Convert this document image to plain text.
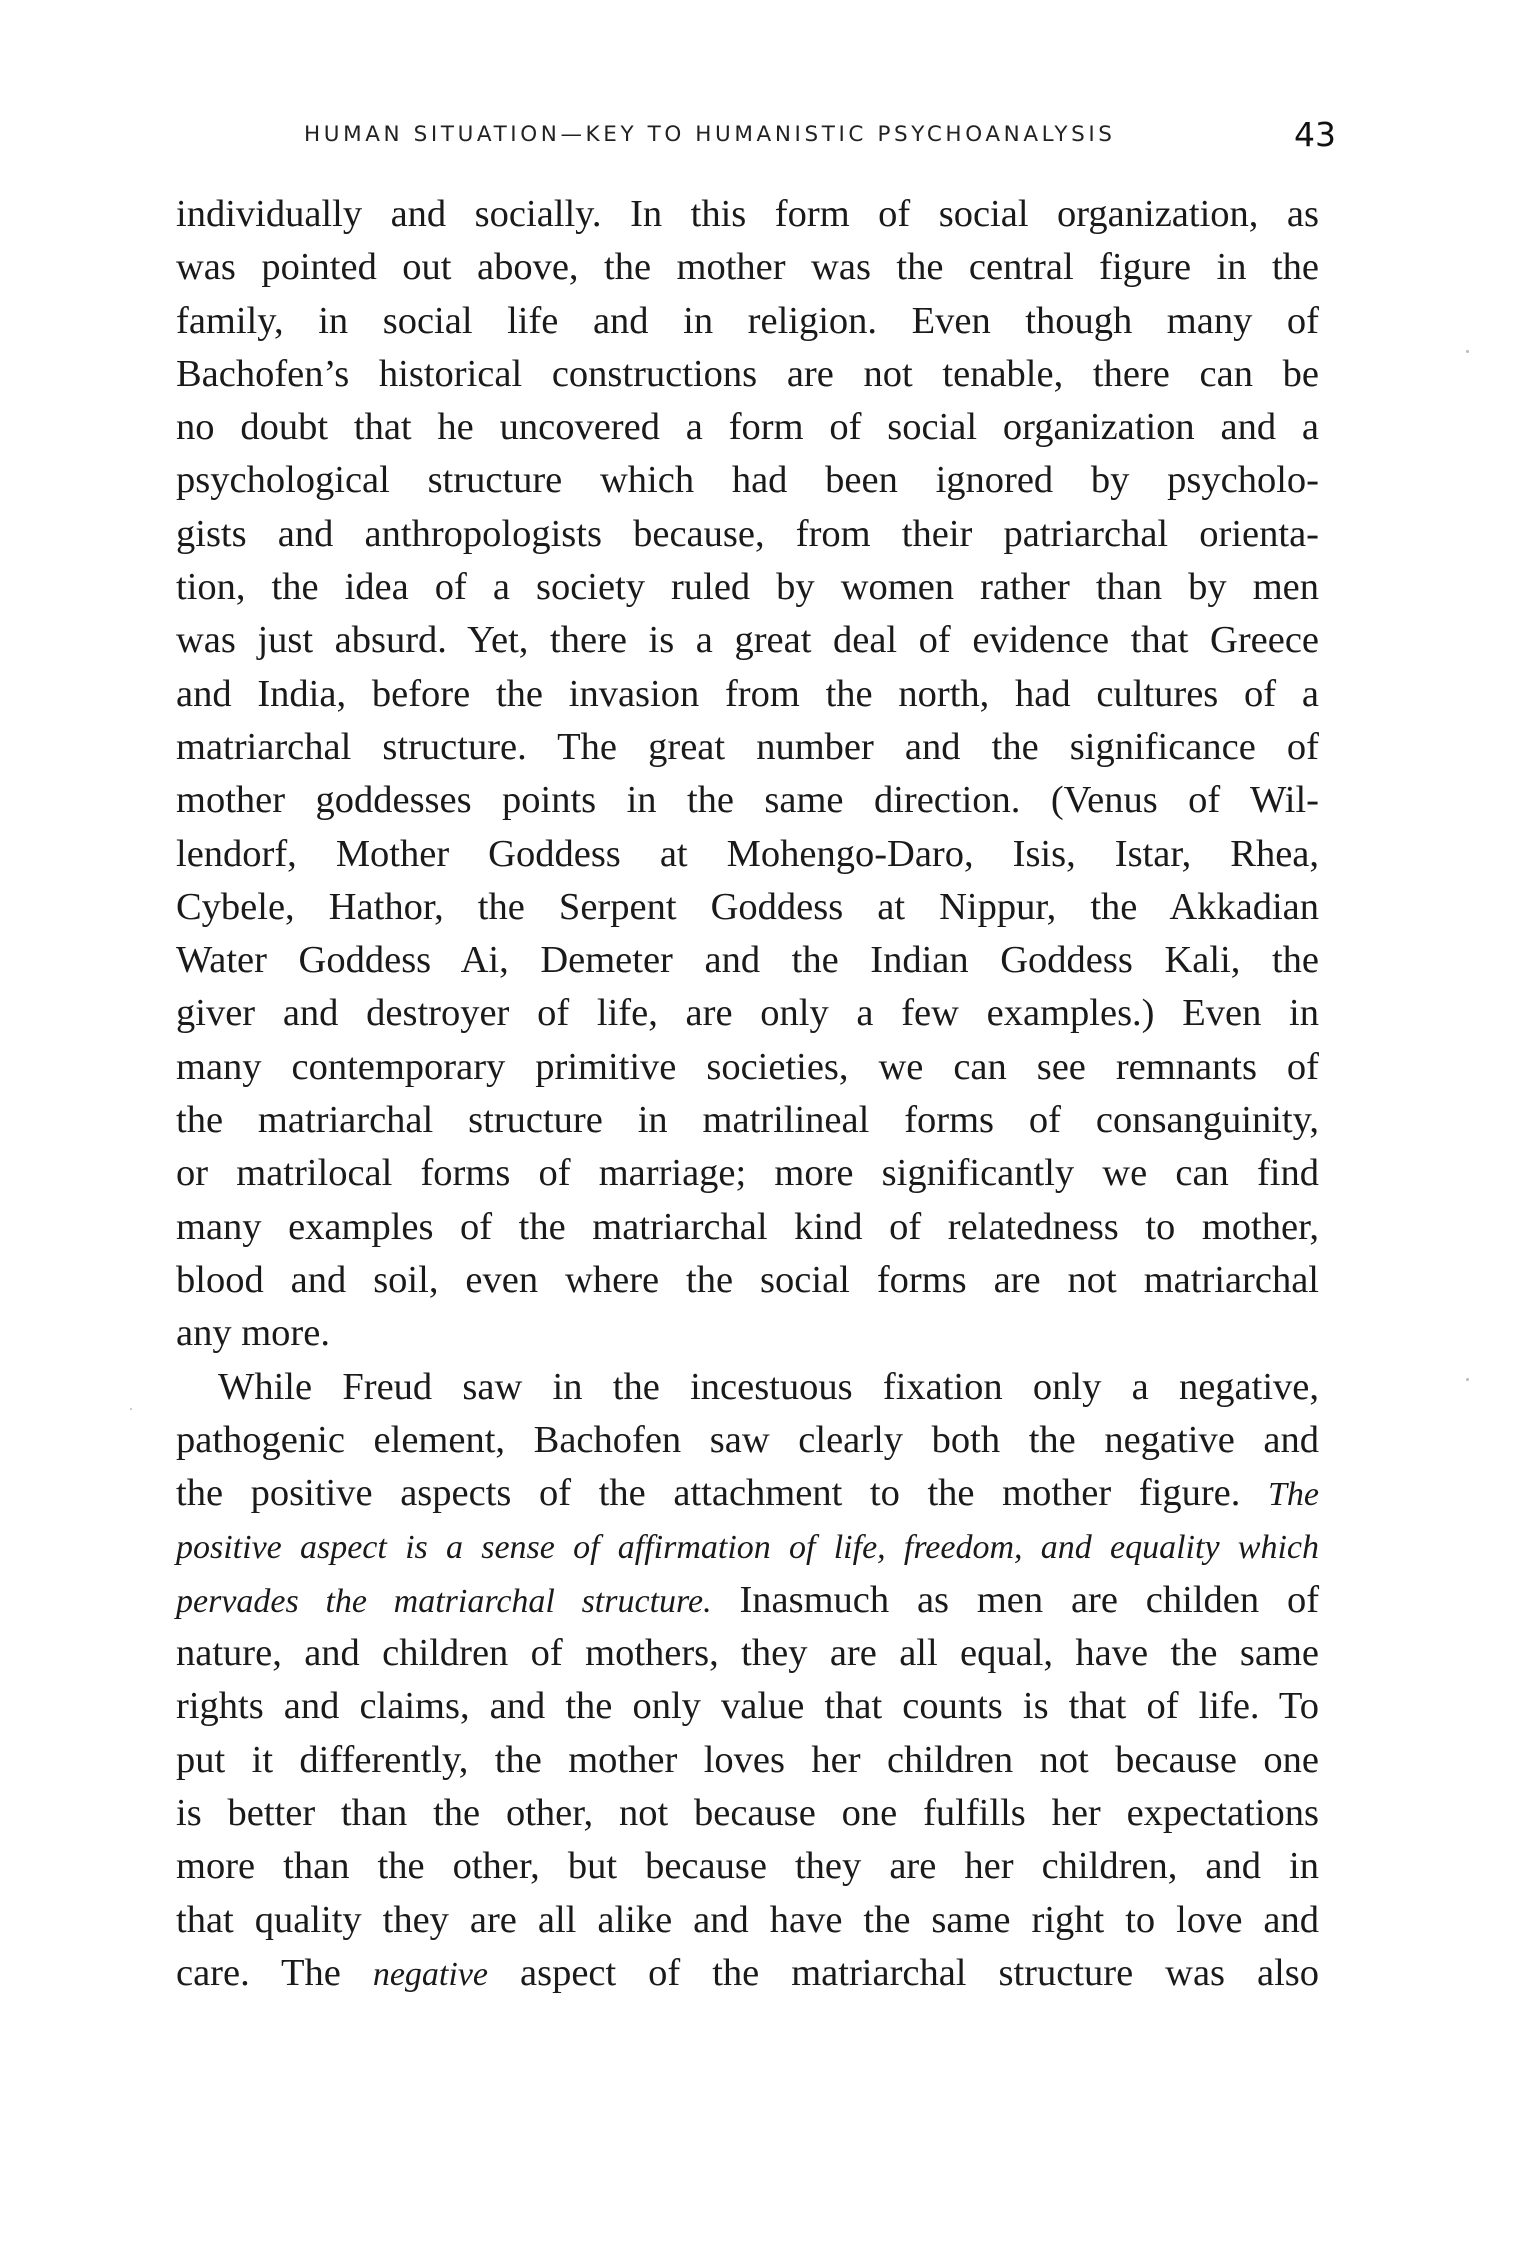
HUMAN SITUATION—KEY TO HUMANISTIC PSYCHOANALYSIS	43
individually and socially. In this form of social organization, as
was pointed out above, the mother was the central figure in the
family, in social life and in religion. Even though many of
Bachofen’s historical constructions are not tenable, there can be
no doubt that he uncovered a form of social organization and a
psychological structure which had been ignored by psycholo-
gists and anthropologists because, from their patriarchal orienta-
tion, the idea of a society ruled by women rather than by men
was just absurd. Yet, there is a great deal of evidence that Greece
and India, before the invasion from the north, had cultures of a
matriarchal structure. The great number and the significance of
mother goddesses points in the same direction. (Venus of Wil-
lendorf, Mother Goddess at Mohengo-Daro, Isis, Istar, Rhea,
Cybele, Hathor, the Serpent Goddess at Nippur, the Akkadian
Water Goddess Ai, Demeter and the Indian Goddess Kali, the
giver and destroyer of life, are only a few examples.) Even in
many contemporary primitive societies, we can see remnants of
the matriarchal structure in matrilineal forms of consanguinity,
or matrilocal forms of marriage; more significantly we can find
many examples of the matriarchal kind of relatedness to mother,
blood and soil, even where the social forms are not matriarchal
any more.
While Freud saw in the incestuous fixation only a negative,
pathogenic element, Bachofen saw clearly both the negative and
the positive aspects of the attachment to the mother figure. The
positive aspect is a sense of affirmation of life, freedom, and equality which
pervades the matriarchal structure. Inasmuch as men are childen of
nature, and children of mothers, they are all equal, have the same
rights and claims, and the only value that counts is that of life. To
put it differently, the mother loves her children not because one
is better than the other, not because one fulfills her expectations
more than the other, but because they are her children, and in
that quality they are all alike and have the same right to love and
care. The negative aspect of the matriarchal structure was also
